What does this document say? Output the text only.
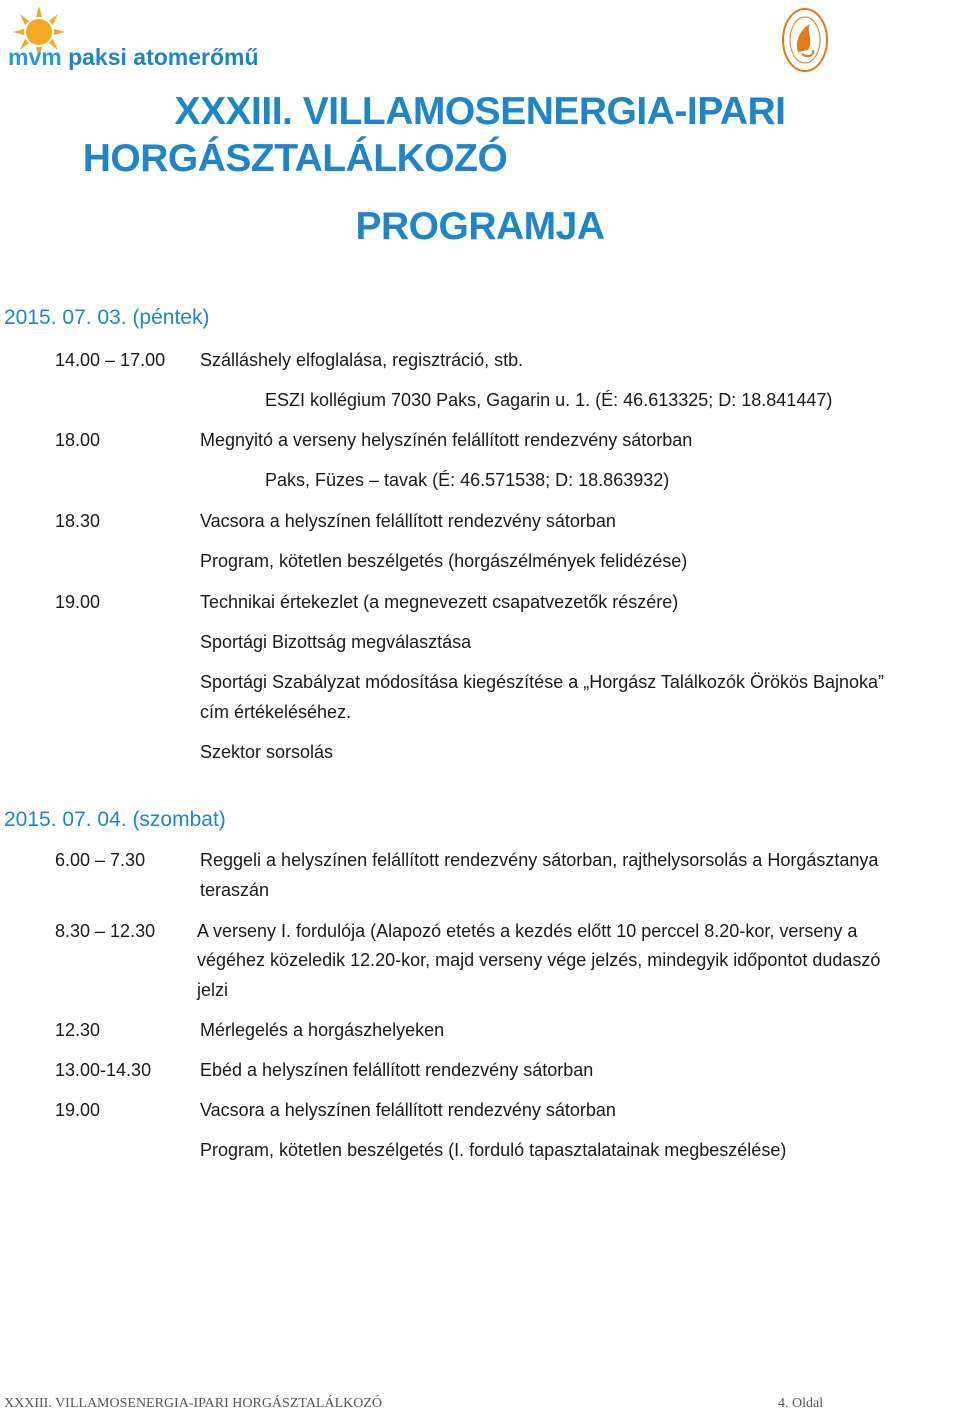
mvm paksi atomerőmű
XXXIII. VILLAMOSENERGIA-IPARI
HORGÁSZTALÁLKOZÓ
PROGRAMJA
2015. 07. 03. (péntek)
14.00 – 17.00 Szálláshely elfoglalása, regisztráció, stb.
ESZI kollégium 7030 Paks, Gagarin u. 1. (É: 46.613325; D: 18.841447)
18.00	Megnyitó a verseny helyszínén felállított rendezvény sátorban
Paks, Füzes – tavak (É: 46.571538; D: 18.863932)
18.30	Vacsora a helyszínen felállított rendezvény sátorban
Program, kötetlen beszélgetés (horgászélmények felidézése)
19.00	Technikai értekezlet (a megnevezett csapatvezetők részére)
Sportági Bizottság megválasztása
Sportági Szabályzat módosítása kiegészítése a „Horgász Találkozók Örökös Bajnoka”
cím értékeléséhez.
Szektor sorsolás
2015. 07. 04. (szombat)
6.00 – 7.30	Reggeli a helyszínen felállított rendezvény sátorban, rajthelysorsolás a Horgásztanya
teraszán
8.30 – 12.30 A verseny I. fordulója (Alapozó etetés a kezdés előtt 10 perccel 8.20-kor, verseny a
végéhez közeledik 12.20-kor, majd verseny vége jelzés, mindegyik időpontot dudaszó
jelzi
12.30	Mérlegelés a horgászhelyeken
13.00-14.30	Ebéd a helyszínen felállított rendezvény sátorban
19.00	Vacsora a helyszínen felállított rendezvény sátorban
Program, kötetlen beszélgetés (I. forduló tapasztalatainak megbeszélése)
XXXIII. VILLAMOSENERGIA-IPARI HORGÁSZTALÁLKOZÓ	4. Oldal
